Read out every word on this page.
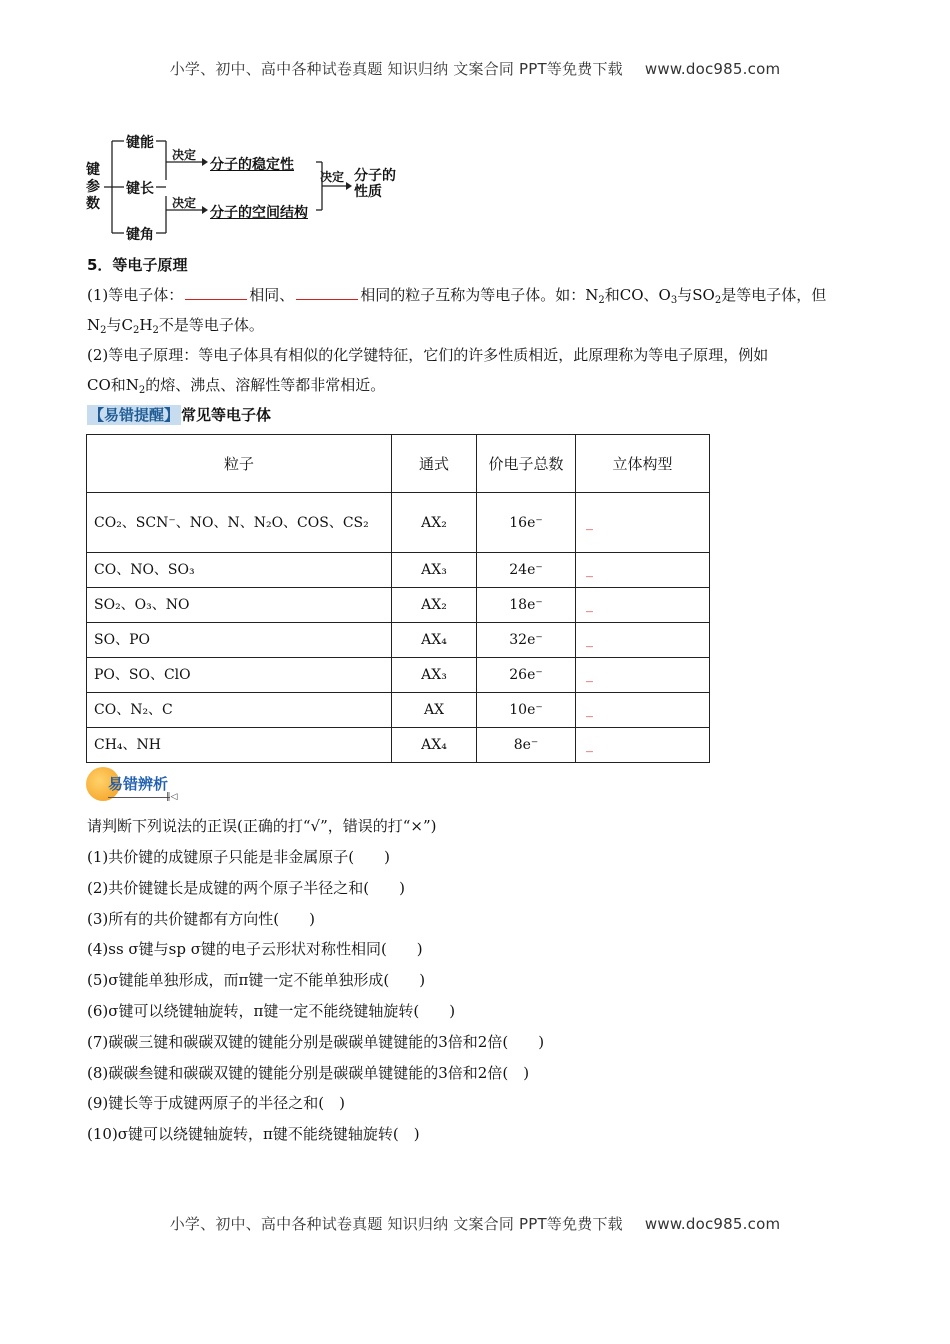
小学、初中、高中各种试卷真题 知识归纳 文案合同 PPT等免费下载 www.doc985.com
键参数
键能
键长
键角
决定
决定
分子的稳定性
分子的空间结构
决定 分子的性质
5．等电子原理
(1)等电子体：	相同、	相同的粒子互称为等电子体。如：$N_2$和CO、$O_3$与$SO_2$是等电子体，但
$N_2$与$C_2H_2$不是等电子体。
(2)等电子原理：等电子体具有相似的化学键特征，它们的许多性质相近，此原理称为等电子原理，例如
CO和$N_2$的熔、沸点、溶解性等都非常相近。
【易错提醒】 常见等电子体
粒子	通式	价电子总数	立体构型
CO₂、SCN⁻、NO、N、N₂O、COS、CS₂	AX₂	16e⁻	_
CO、NO、SO₃	AX₃	24e⁻	_
SO₂、O₃、NO	AX₂	18e⁻	_
SO、PO	AX₄	32e⁻	_
PO、SO、ClO	AX₃	26e⁻	_
CO、N₂、C	AX	10e⁻	_
CH₄、NH	AX₄	8e⁻	_
易错辨析
‖◁
请判断下列说法的正误(正确的打“√”，错误的打“×”)
(1)共价键的成键原子只能是非金属原子(　　)
(2)共价键键长是成键的两个原子半径之和(　　)
(3)所有的共价键都有方向性(　　)
(4)ss σ键与sp σ键的电子云形状对称性相同(　　)
(5)σ键能单独形成，而π键一定不能单独形成(　　)
(6)σ键可以绕键轴旋转，π键一定不能绕键轴旋转(　　)
(7)碳碳三键和碳碳双键的键能分别是碳碳单键键能的3倍和2倍(　　)
(8)碳碳叁键和碳碳双键的键能分别是碳碳单键键能的3倍和2倍(　)
(9)键长等于成键两原子的半径之和(　)
(10)σ键可以绕键轴旋转，π键不能绕键轴旋转(　)
小学、初中、高中各种试卷真题 知识归纳 文案合同 PPT等免费下载 www.doc985.com
